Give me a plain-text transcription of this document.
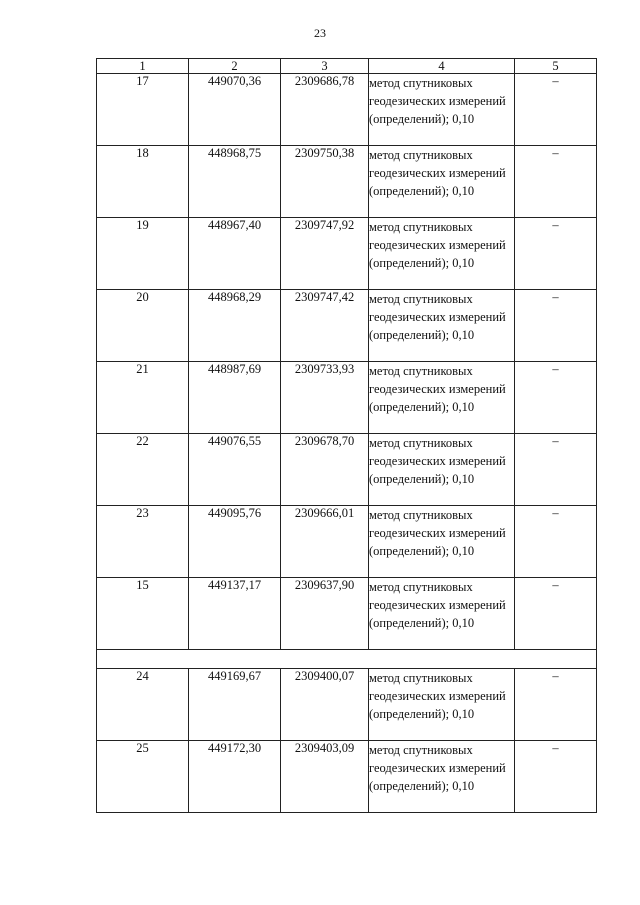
23
1	2	3	4	5
17	449070,36	2309686,78	метод спутниковых геодезических измерений (определений); 0,10	–
18	448968,75	2309750,38	метод спутниковых геодезических измерений (определений); 0,10	–
19	448967,40	2309747,92	метод спутниковых геодезических измерений (определений); 0,10	–
20	448968,29	2309747,42	метод спутниковых геодезических измерений (определений); 0,10	–
21	448987,69	2309733,93	метод спутниковых геодезических измерений (определений); 0,10	–
22	449076,55	2309678,70	метод спутниковых геодезических измерений (определений); 0,10	–
23	449095,76	2309666,01	метод спутниковых геодезических измерений (определений); 0,10	–
15	449137,17	2309637,90	метод спутниковых геодезических измерений (определений); 0,10	–

24	449169,67	2309400,07	метод спутниковых геодезических измерений (определений); 0,10	–
25	449172,30	2309403,09	метод спутниковых геодезических измерений (определений); 0,10	–
